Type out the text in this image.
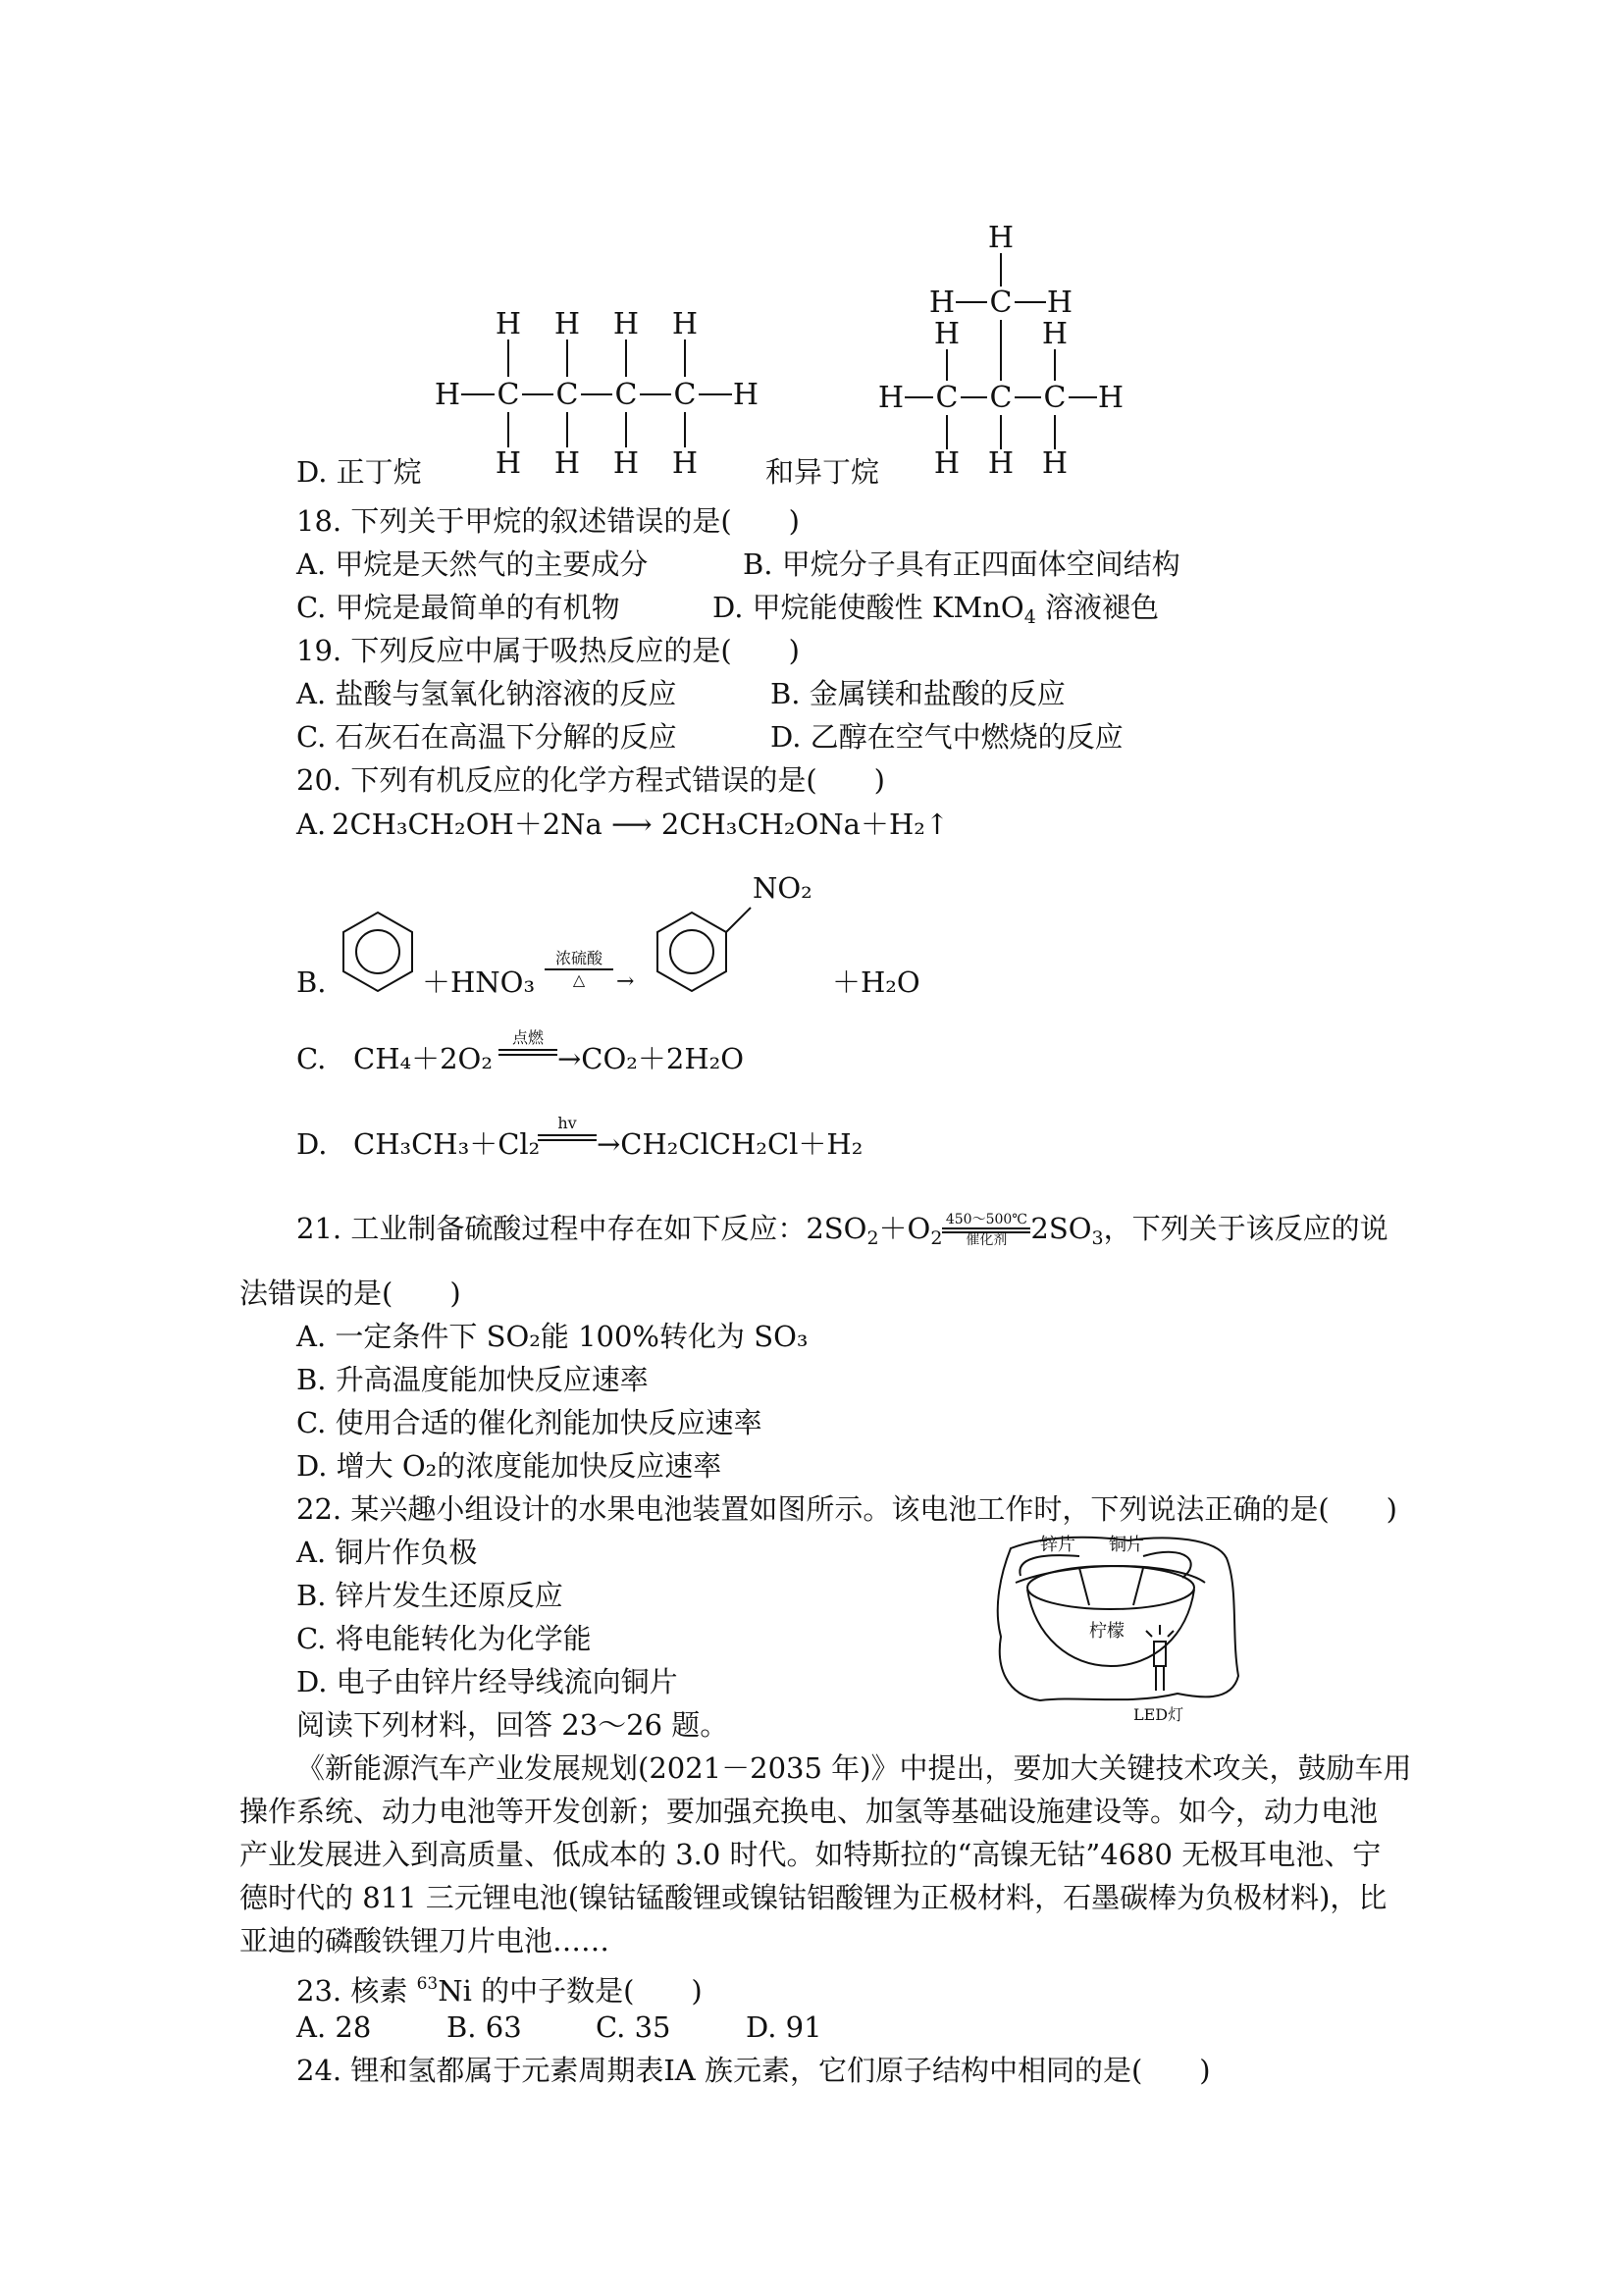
D. 正丁烷
H	H
C
H
H
C
H
H
C
H
H
C
H
H 和异丁烷
H	H
C
H
C
H
C
H
H	H
C
H
H	H
18. 下列关于甲烷的叙述错误的是(　　)
A. 甲烷是天然气的主要成分	B. 甲烷分子具有正四面体空间结构
C. 甲烷是最简单的有机物	D. 甲烷能使酸性 KMnO$_4$ 溶液褪色
19. 下列反应中属于吸热反应的是(　　)
A. 盐酸与氢氧化钠溶液的反应	B. 金属镁和盐酸的反应
C. 石灰石在高温下分解的反应	D. 乙醇在空气中燃烧的反应
20. 下列有机反应的化学方程式错误的是(　　)
A. 2CH₃CH₂OH＋2Na ⟶ 2CH₃CH₂ONa＋H₂↑
B.	＋HNO₃
浓硫酸
△	→
NO₂
＋H₂O
C. CH₄＋2O₂
点燃
→CO₂＋2H₂O
D. CH₃CH₃＋Cl₂
hv
→CH₂ClCH₂Cl＋H₂
21. 工业制备硫酸过程中存在如下反应：$2SO_2+O_2$
450～500℃
催化剂 $2SO_3$，下列关于该反应的说
法错误的是(　　)
A. 一定条件下 SO₂能 100%转化为 SO₃
B. 升高温度能加快反应速率
C. 使用合适的催化剂能加快反应速率
D. 增大 O₂的浓度能加快反应速率
22. 某兴趣小组设计的水果电池装置如图所示。该电池工作时，下列说法正确的是(　　)
A. 铜片作负极
B. 锌片发生还原反应
C. 将电能转化为化学能
D. 电子由锌片经导线流向铜片
锌片 铜片
柠檬
LED灯
阅读下列材料，回答 23～26 题。
《新能源汽车产业发展规划(2021－2035 年)》中提出，要加大关键技术攻关，鼓励车用
操作系统、动力电池等开发创新；要加强充换电、加氢等基础设施建设等。如今，动力电池
产业发展进入到高质量、低成本的 3.0 时代。如特斯拉的“高镍无钴”4680 无极耳电池、宁
德时代的 811 三元锂电池(镍钴锰酸锂或镍钴铝酸锂为正极材料，石墨碳棒为负极材料)，比
亚迪的磷酸铁锂刀片电池……
23. 核素 $^{63}$Ni 的中子数是(　　)
A. 28	B. 63	C. 35	D. 91
24. 锂和氢都属于元素周期表ⅠA 族元素，它们原子结构中相同的是(　　)
